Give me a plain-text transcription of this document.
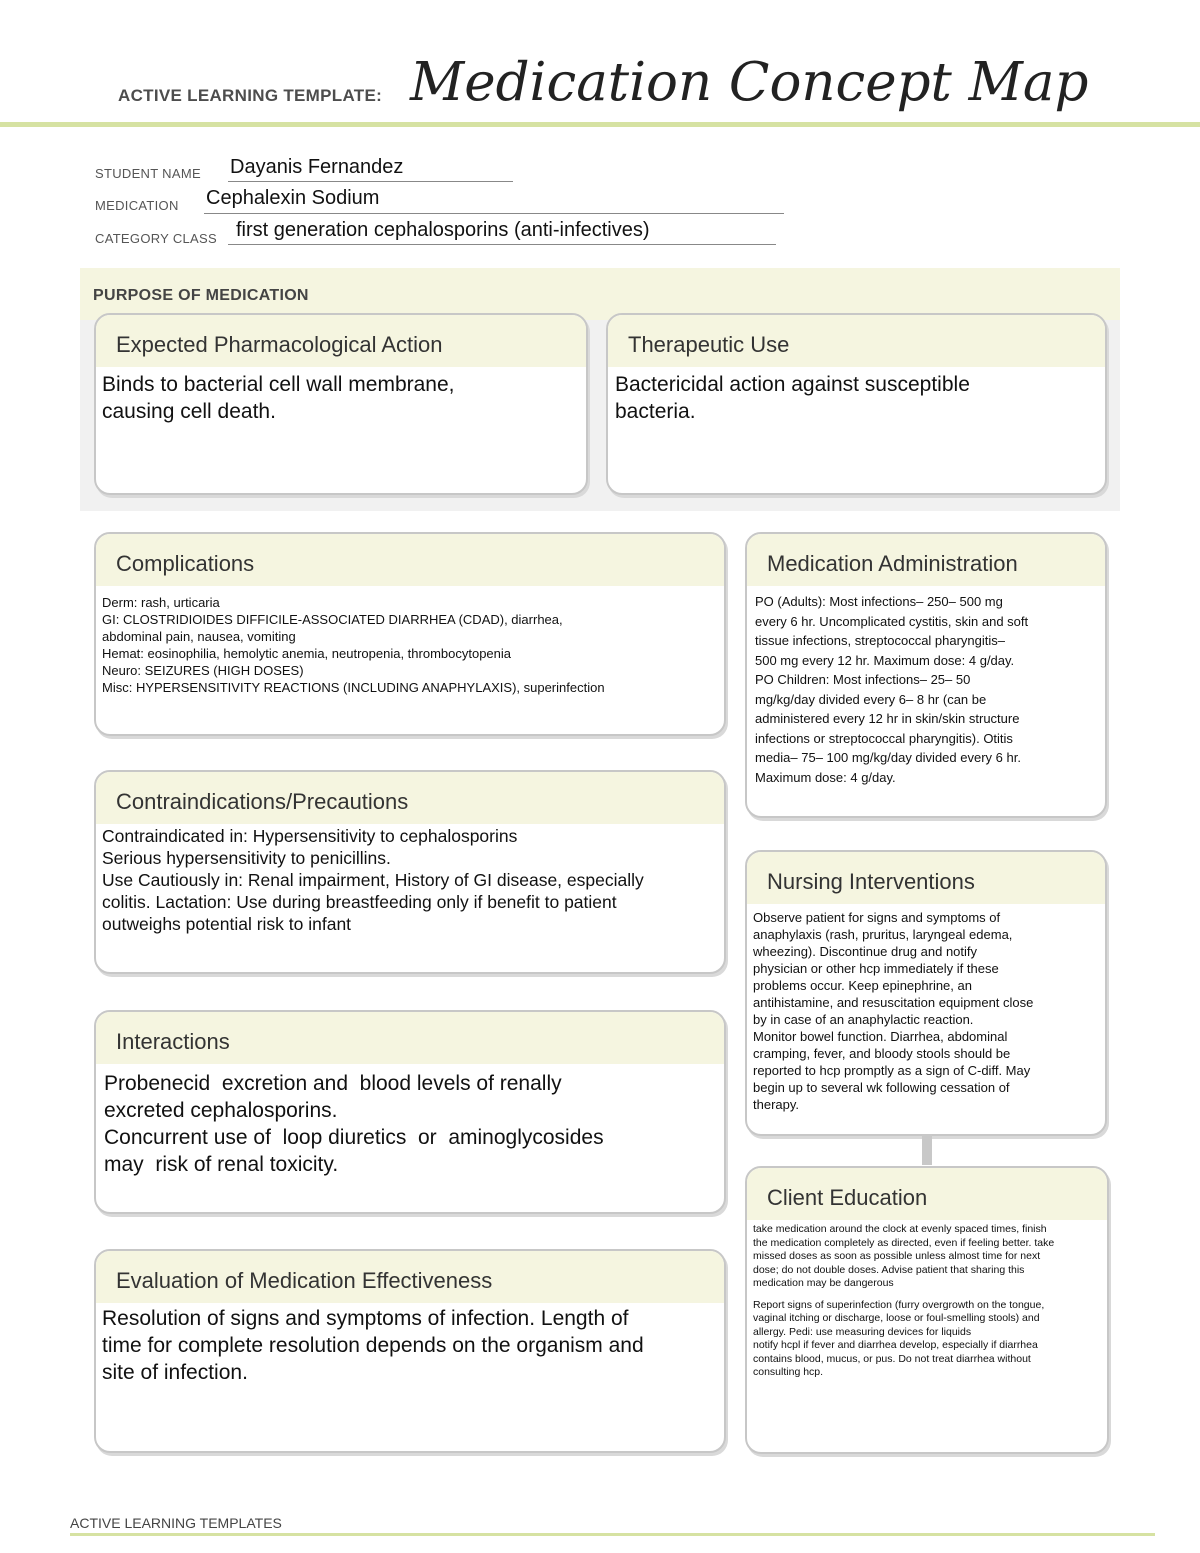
ACTIVE LEARNING TEMPLATE: Medication Concept Map
STUDENT NAME Dayanis Fernandez
MEDICATION Cephalexin Sodium
CATEGORY CLASS first generation cephalosporins (anti-infectives)
PURPOSE OF MEDICATION
Expected Pharmacological Action
Binds to bacterial cell wall membrane,
causing cell death.
Therapeutic Use
Bactericidal action against susceptible
bacteria.
Complications
Derm: rash, urticaria
GI: CLOSTRIDIOIDES DIFFICILE-ASSOCIATED DIARRHEA (CDAD), diarrhea,
abdominal pain, nausea, vomiting
Hemat: eosinophilia, hemolytic anemia, neutropenia, thrombocytopenia
Neuro: SEIZURES (HIGH DOSES)
Misc: HYPERSENSITIVITY REACTIONS (INCLUDING ANAPHYLAXIS), superinfection
Medication Administration
PO (Adults): Most infections– 250– 500 mg
every 6 hr. Uncomplicated cystitis, skin and soft
tissue infections, streptococcal pharyngitis–
500 mg every 12 hr. Maximum dose: 4 g/day.
PO Children: Most infections– 25– 50
mg/kg/day divided every 6– 8 hr (can be
administered every 12 hr in skin/skin structure
infections or streptococcal pharyngitis). Otitis
media– 75– 100 mg/kg/day divided every 6 hr.
Maximum dose: 4 g/day.
Contraindications/Precautions
Contraindicated in: Hypersensitivity to cephalosporins
Serious hypersensitivity to penicillins.
Use Cautiously in: Renal impairment, History of GI disease, especially
colitis. Lactation: Use during breastfeeding only if benefit to patient
outweighs potential risk to infant
Nursing Interventions
Observe patient for signs and symptoms of
anaphylaxis (rash, pruritus, laryngeal edema,
wheezing). Discontinue drug and notify
physician or other hcp immediately if these
problems occur. Keep epinephrine, an
antihistamine, and resuscitation equipment close
by in case of an anaphylactic reaction.
Monitor bowel function. Diarrhea, abdominal
cramping, fever, and bloody stools should be
reported to hcp promptly as a sign of C-diff. May
begin up to several wk following cessation of
therapy.
Interactions
Probenecid  excretion and  blood levels of renally
excreted cephalosporins.
Concurrent use of  loop diuretics  or  aminoglycosides
may  risk of renal toxicity.
Client Education
take medication around the clock at evenly spaced times, finish
the medication completely as directed, even if feeling better. take
missed doses as soon as possible unless almost time for next
dose; do not double doses. Advise patient that sharing this
medication may be dangerous
Report signs of superinfection (furry overgrowth on the tongue,
vaginal itching or discharge, loose or foul-smelling stools) and
allergy. Pedi: use measuring devices for liquids
notify hcpl if fever and diarrhea develop, especially if diarrhea
contains blood, mucus, or pus. Do not treat diarrhea without
consulting hcp.
Evaluation of Medication Effectiveness
Resolution of signs and symptoms of infection. Length of
time for complete resolution depends on the organism and
site of infection.
ACTIVE LEARNING TEMPLATES
